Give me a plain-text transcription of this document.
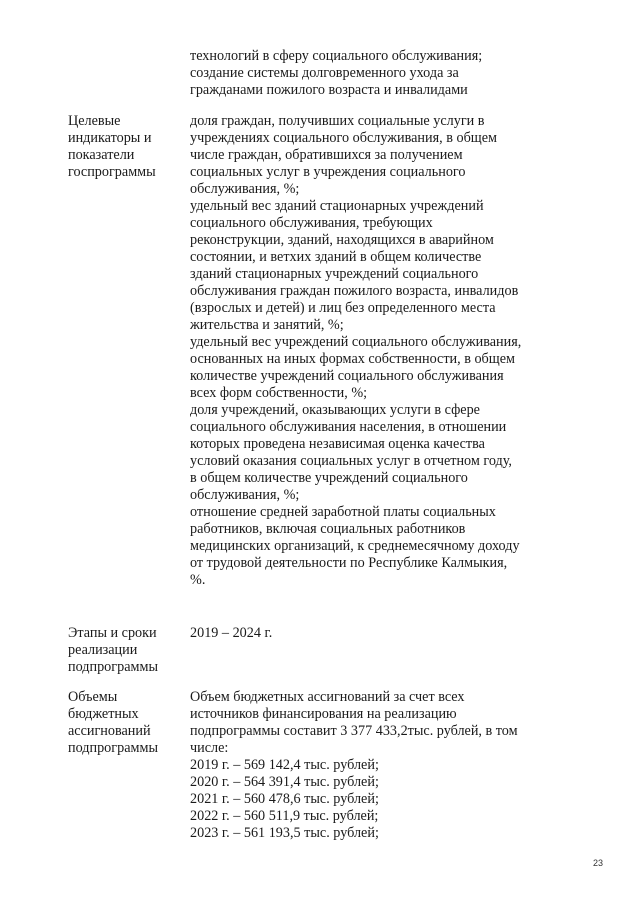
технологий в сферу социального обслуживания;
создание системы долговременного ухода за
гражданами пожилого возраста и инвалидами
Целевые
индикаторы и
показатели
госпрограммы
доля граждан, получивших социальные услуги в
учреждениях социального обслуживания, в общем
числе граждан, обратившихся за получением
социальных услуг в учреждения социального
обслуживания, %;
удельный вес зданий стационарных учреждений
социального обслуживания, требующих
реконструкции, зданий, находящихся в аварийном
состоянии, и ветхих зданий в общем количестве
зданий стационарных учреждений социального
обслуживания граждан пожилого возраста, инвалидов
(взрослых и детей) и лиц без определенного места
жительства и занятий, %;
удельный вес учреждений социального обслуживания,
основанных на иных формах собственности, в общем
количестве учреждений социального обслуживания
всех форм собственности, %;
доля учреждений, оказывающих услуги в сфере
социального обслуживания населения, в отношении
которых проведена независимая оценка качества
условий оказания социальных услуг в отчетном году,
в общем количестве учреждений социального
обслуживания, %;
отношение средней заработной платы социальных
работников, включая социальных работников
медицинских организаций, к среднемесячному доходу
от трудовой деятельности по Республике Калмыкия,
%.
Этапы и сроки
реализации
подпрограммы
2019 – 2024 г.
Объемы
бюджетных
ассигнований
подпрограммы
Объем бюджетных ассигнований за счет всех
источников финансирования на реализацию
подпрограммы составит 3 377 433,2тыс. рублей, в том
числе:
2019 г. – 569 142,4 тыс. рублей;
2020 г. – 564 391,4 тыс. рублей;
2021 г. – 560 478,6 тыс. рублей;
2022 г. – 560 511,9 тыс. рублей;
2023 г. – 561 193,5 тыс. рублей;
23
